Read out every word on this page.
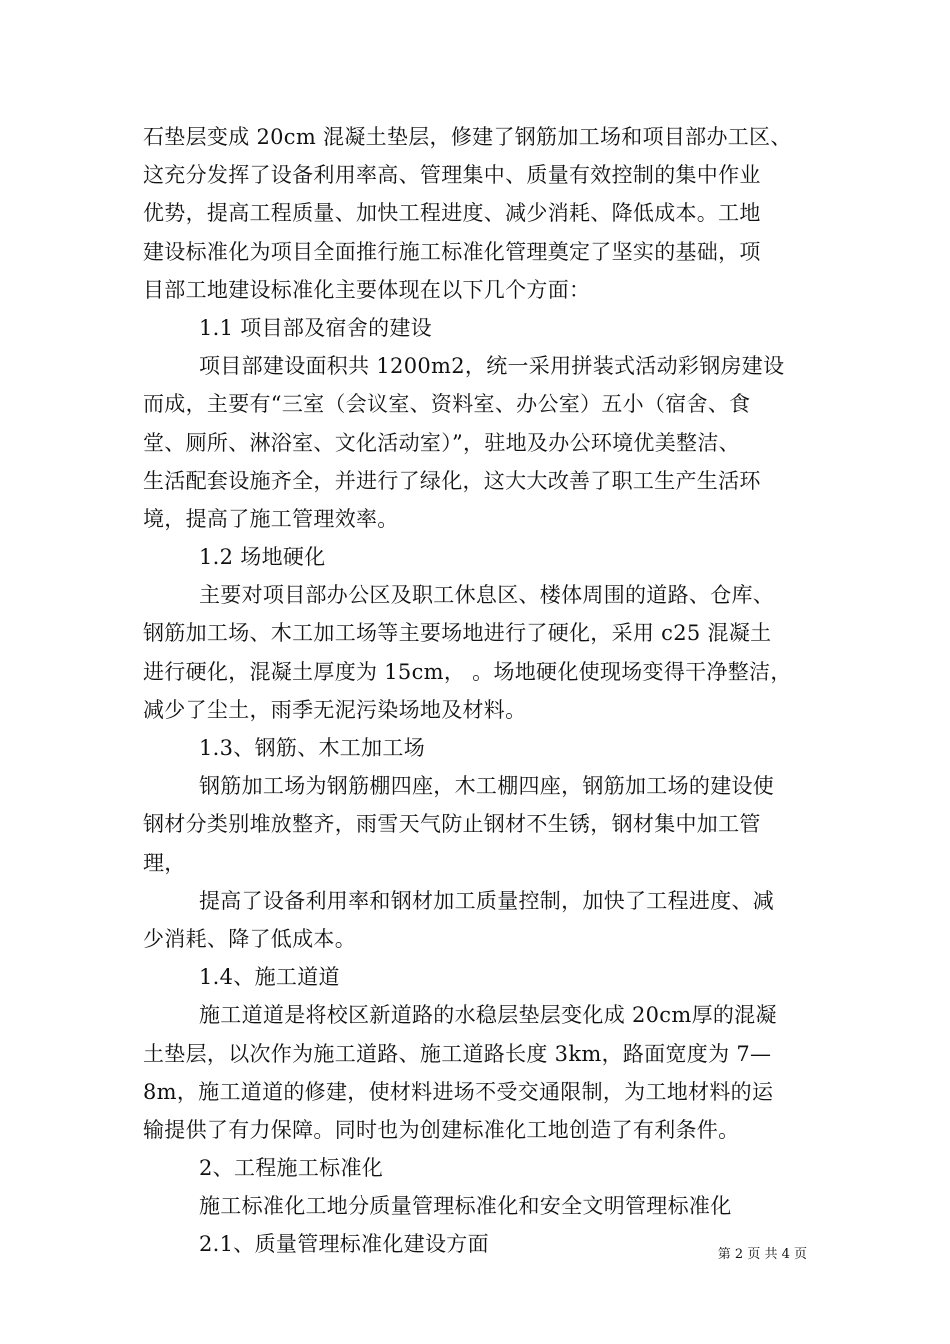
石垫层变成 20cm 混凝土垫层，修建了钢筋加工场和项目部办工区、
这充分发挥了设备利用率高、管理集中、质量有效控制的集中作业
优势，提高工程质量、加快工程进度、减少消耗、降低成本。工地
建设标准化为项目全面推行施工标准化管理奠定了坚实的基础，项
目部工地建设标准化主要体现在以下几个方面：
1.1 项目部及宿舍的建设
项目部建设面积共 1200m2，统一采用拼装式活动彩钢房建设
而成，主要有“三室（会议室、资料室、办公室）五小（宿舍、食
堂、厕所、淋浴室、文化活动室）”，驻地及办公环境优美整洁、
生活配套设施齐全，并进行了绿化，这大大改善了职工生产生活环
境，提高了施工管理效率。
1.2 场地硬化
主要对项目部办公区及职工休息区、楼体周围的道路、仓库、
钢筋加工场、木工加工场等主要场地进行了硬化，采用 c25 混凝土
进行硬化，混凝土厚度为 15cm， 。场地硬化使现场变得干净整洁，
减少了尘土，雨季无泥污染场地及材料。
1.3、钢筋、木工加工场
钢筋加工场为钢筋棚四座，木工棚四座，钢筋加工场的建设使
钢材分类别堆放整齐，雨雪天气防止钢材不生锈，钢材集中加工管
理，
提高了设备利用率和钢材加工质量控制，加快了工程进度、减
少消耗、降了低成本。
1.4、施工道道
施工道道是将校区新道路的水稳层垫层变化成 20cm厚的混凝
土垫层，以次作为施工道路、施工道路长度 3km，路面宽度为 7—
8m，施工道道的修建，使材料进场不受交通限制，为工地材料的运
输提供了有力保障。同时也为创建标准化工地创造了有利条件。
2、工程施工标准化
施工标准化工地分质量管理标准化和安全文明管理标准化
2.1、质量管理标准化建设方面	第 2 页 共 4 页
